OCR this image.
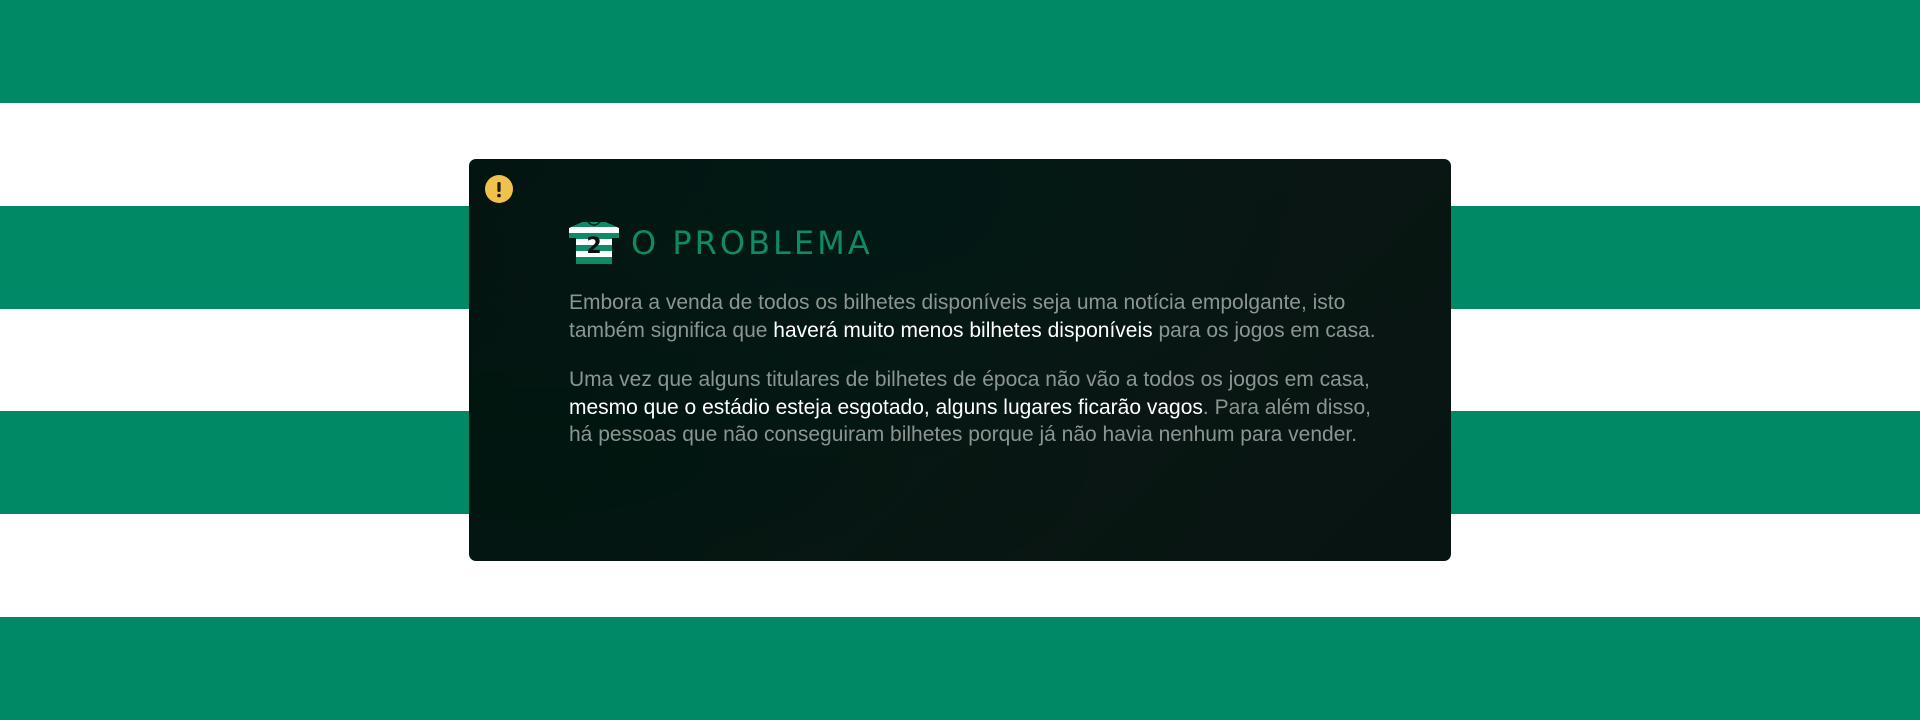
2 O PROBLEMA

Embora a venda de todos os bilhetes disponíveis seja uma notícia empolgante, isto também significa que haverá muito menos bilhetes disponíveis para os jogos em casa.

Uma vez que alguns titulares de bilhetes de época não vão a todos os jogos em casa, mesmo que o estádio esteja esgotado, alguns lugares ficarão vagos. Para além disso, há pessoas que não conseguiram bilhetes porque já não havia nenhum para vender.
